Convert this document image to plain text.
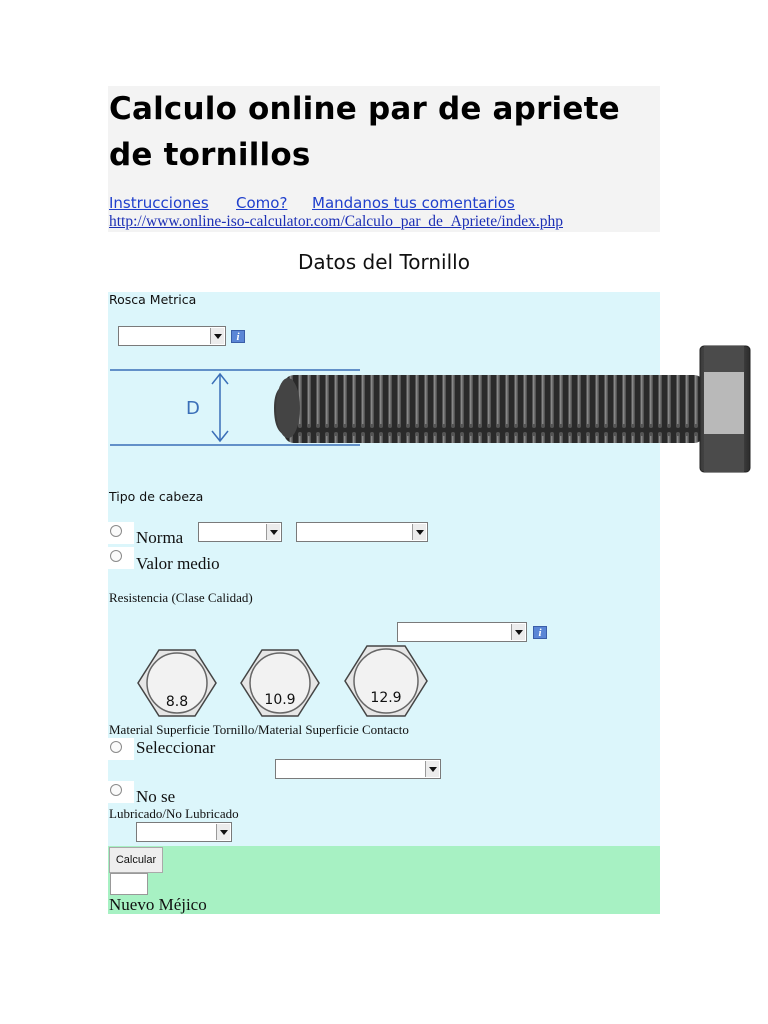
Calculo online par de apriete de tornillos
Instrucciones Como? Mandanos tus comentarios
http://www.online-iso-calculator.com/Calculo_par_de_Apriete/index.php
Datos del Tornillo
Rosca Metrica
i
D
Tipo de cabeza
Norma
Valor medio
Resistencia (Clase Calidad)
i
8.8	10.9	12.9
Material Superficie Tornillo/Material Superficie Contacto
Seleccionar
No se
Lubricado/No Lubricado
Calcular
Nuevo Méjico
